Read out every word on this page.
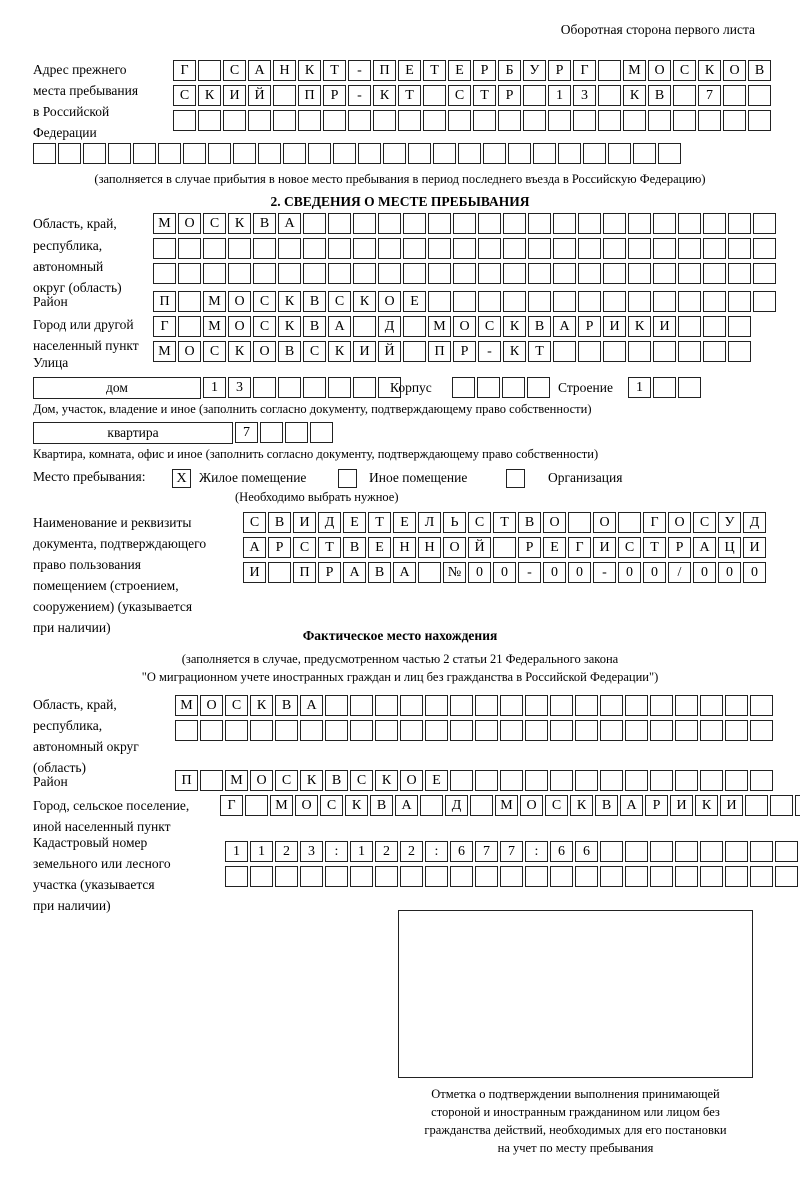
Оборотная сторона первого листа
Адрес прежнего
места пребывания
в Российской
Федерации
Г	С	А	Н	К	Т	-	П	Е	Т	Е	Р	Б	У	Р	Г	М О	С	К	О	В
С	К	И	Й	П	Р	-	К	Т	С	Т	Р	1	3	К	В	7
(заполняется в случае прибытия в новое место пребывания в период последнего въезда в Российскую Федерацию)
2. СВЕДЕНИЯ О МЕСТЕ ПРЕБЫВАНИЯ
Область, край,
республика,
автономный
округ (область)
М О	С	К	В	А
Район	П	М О	С	К	В	С	К	О	Е
Город или другой
населенный пункт
Г	М О	С	К	В	А	Д	М О	С	К	В	А	Р	И	К	И
Улица
М О	С	К	О	В	С	К	И	Й	П	Р	-	К	Т
дом	1	3	Корпус	Строение	1
Дом, участок, владение и иное (заполнить согласно документу, подтверждающему право собственности)
квартира	7
Квартира, комната, офис и иное (заполнить согласно документу, подтверждающему право собственности)
Место пребывания:	X Жилое помещение	Иное помещение	Организация
(Необходимо выбрать нужное)
Наименование и реквизиты
документа, подтверждающего
право пользования
помещением (строением,
сооружением) (указывается
при наличии)
С	В	И	Д	Е	Т	Е	Л	Ь	С	Т	В	О	О	Г	О	С	У	Д
А	Р	С	Т	В	Е	Н	Н	О	Й	Р	Е	Г	И	С	Т	Р	А	Ц	И
И	П	Р	А	В	А	№	0	0	-	0	0	-	0	0	/	0	0	0
Фактическое место нахождения
(заполняется в случае, предусмотренном частью 2 статьи 21 Федерального закона
"О миграционном учете иностранных граждан и лиц без гражданства в Российской Федерации")
Область, край,
республика,
автономный округ
(область)
М О	С	К	В	А
Район	П	М О	С	К	В	С	К	О	Е
Город, сельское поселение,
иной населенный пункт
Г	М О	С	К	В	А	Д	М О	С	К	В	А	Р	И	К	И
Кадастровый номер
земельного или лесного
участка (указывается
при наличии)
1	1	2	3	:	1	2	2	:	6	7	7	:	6	6
Отметка о подтверждении выполнения принимающей
стороной и иностранным гражданином или лицом без
гражданства действий, необходимых для его постановки
на учет по месту пребывания
